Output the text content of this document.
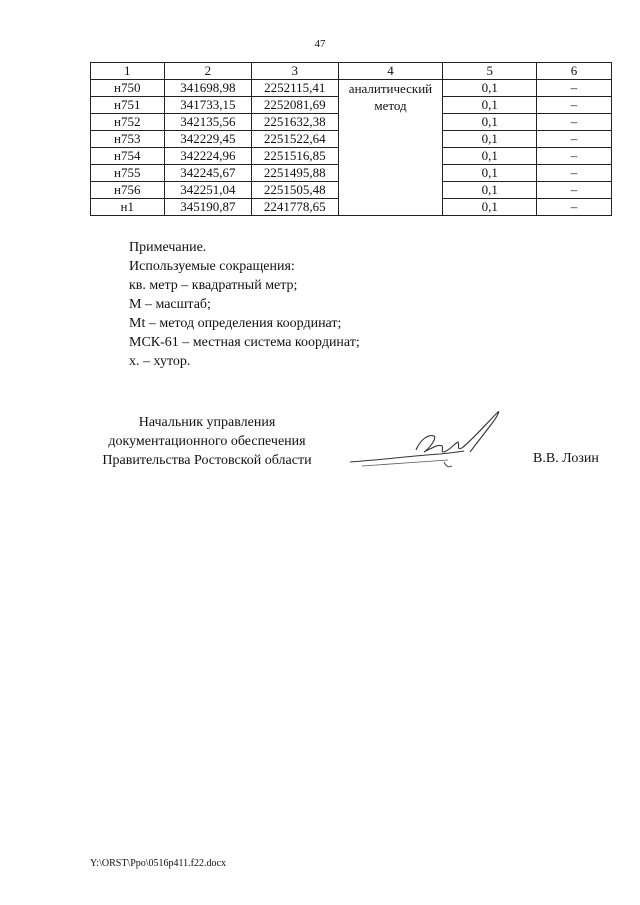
47
1	2	3	4	5	6
н750	341698,98	2252115,41	аналитический метод	0,1	–
н751	341733,15	2252081,69		0,1	–
н752	342135,56	2251632,38		0,1	–
н753	342229,45	2251522,64		0,1	–
н754	342224,96	2251516,85		0,1	–
н755	342245,67	2251495,88		0,1	–
н756	342251,04	2251505,48		0,1	–
н1	345190,87	2241778,65		0,1	–
Примечание.
Используемые сокращения:
кв. метр – квадратный метр;
М – масштаб;
Mt – метод определения координат;
МСК-61 – местная система координат;
х. – хутор.
Начальник управления
документационного обеспечения
Правительства Ростовской области	В.В. Лозин
Y:\ORST\Ppo\0516p411.f22.docx
